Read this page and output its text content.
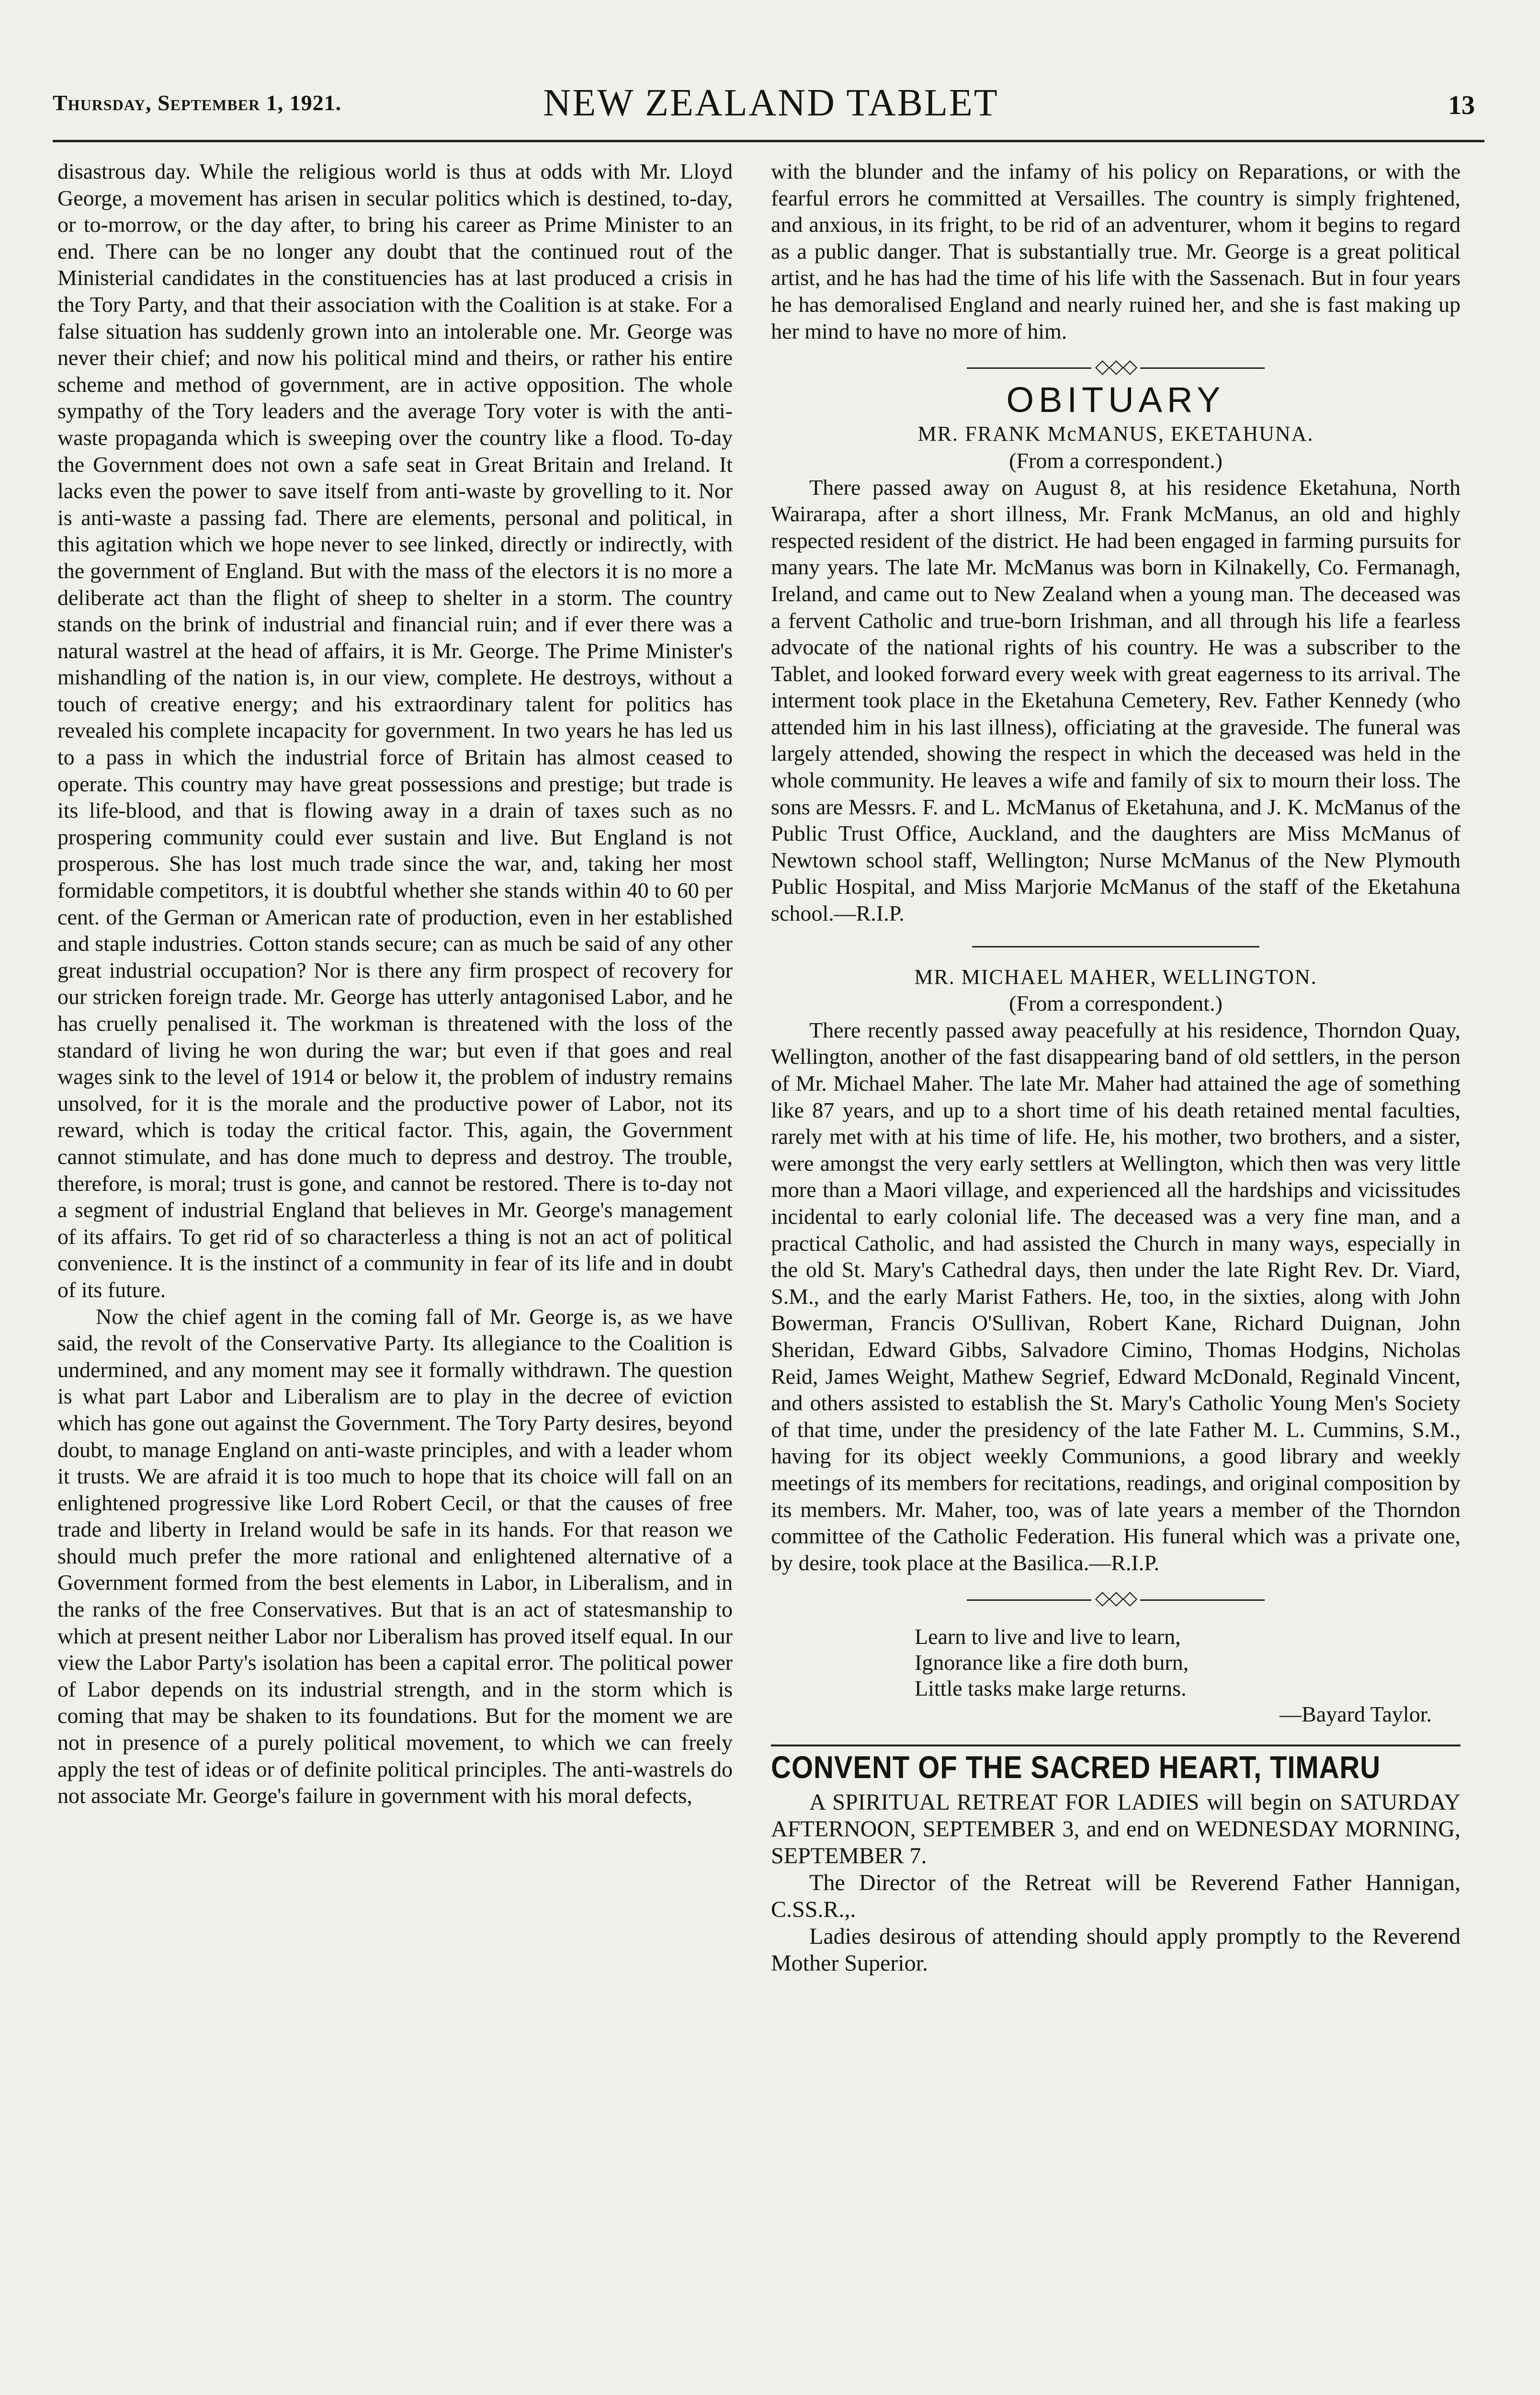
Thursday, September 1, 1921.	NEW ZEALAND TABLET	13

disastrous day. While the religious world is thus at odds with Mr. Lloyd George, a movement has arisen in secular politics which is destined, to-day, or to-morrow, or the day after, to bring his career as Prime Minister to an end. There can be no longer any doubt that the continued rout of the Ministerial candidates in the constituencies has at last produced a crisis in the Tory Party, and that their association with the Coalition is at stake. For a false situation has suddenly grown into an intolerable one. Mr. George was never their chief; and now his political mind and theirs, or rather his entire scheme and method of government, are in active opposition. The whole sympathy of the Tory leaders and the average Tory voter is with the anti-waste propaganda which is sweeping over the country like a flood. To-day the Government does not own a safe seat in Great Britain and Ireland. It lacks even the power to save itself from anti-waste by grovelling to it. Nor is anti-waste a passing fad. There are elements, personal and political, in this agitation which we hope never to see linked, directly or indirectly, with the government of England. But with the mass of the electors it is no more a deliberate act than the flight of sheep to shelter in a storm. The country stands on the brink of industrial and financial ruin; and if ever there was a natural wastrel at the head of affairs, it is Mr. George. The Prime Minister's mishandling of the nation is, in our view, complete. He destroys, without a touch of creative energy; and his extraordinary talent for politics has revealed his complete incapacity for government. In two years he has led us to a pass in which the industrial force of Britain has almost ceased to operate. This country may have great possessions and prestige; but trade is its life-blood, and that is flowing away in a drain of taxes such as no prospering community could ever sustain and live. But England is not prosperous. She has lost much trade since the war, and, taking her most formidable competitors, it is doubtful whether she stands within 40 to 60 per cent. of the German or American rate of production, even in her established and staple industries. Cotton stands secure; can as much be said of any other great industrial occupation? Nor is there any firm prospect of recovery for our stricken foreign trade. Mr. George has utterly antagonised Labor, and he has cruelly penalised it. The workman is threatened with the loss of the standard of living he won during the war; but even if that goes and real wages sink to the level of 1914 or below it, the problem of industry remains unsolved, for it is the morale and the productive power of Labor, not its reward, which is today the critical factor. This, again, the Government cannot stimulate, and has done much to depress and destroy. The trouble, therefore, is moral; trust is gone, and cannot be restored. There is to-day not a segment of industrial England that believes in Mr. George's management of its affairs. To get rid of so characterless a thing is not an act of political convenience. It is the instinct of a community in fear of its life and in doubt of its future.

Now the chief agent in the coming fall of Mr. George is, as we have said, the revolt of the Conservative Party. Its allegiance to the Coalition is undermined, and any moment may see it formally withdrawn. The question is what part Labor and Liberalism are to play in the decree of eviction which has gone out against the Government. The Tory Party desires, beyond doubt, to manage England on anti-waste principles, and with a leader whom it trusts. We are afraid it is too much to hope that its choice will fall on an enlightened progressive like Lord Robert Cecil, or that the causes of free trade and liberty in Ireland would be safe in its hands. For that reason we should much prefer the more rational and enlightened alternative of a Government formed from the best elements in Labor, in Liberalism, and in the ranks of the free Conservatives. But that is an act of statesmanship to which at present neither Labor nor Liberalism has proved itself equal. In our view the Labor Party's isolation has been a capital error. The political power of Labor depends on its industrial strength, and in the storm which is coming that may be shaken to its foundations. But for the moment we are not in presence of a purely political movement, to which we can freely apply the test of ideas or of definite political principles. The anti-wastrels do not associate Mr. George's failure in government with his moral defects,

with the blunder and the infamy of his policy on Reparations, or with the fearful errors he committed at Versailles. The country is simply frightened, and anxious, in its fright, to be rid of an adventurer, whom it begins to regard as a public danger. That is substantially true. Mr. George is a great political artist, and he has had the time of his life with the Sassenach. But in four years he has demoralised England and nearly ruined her, and she is fast making up her mind to have no more of him.

◇◇◇
OBITUARY
MR. FRANK McMANUS, EKETAHUNA.
(From a correspondent.)

There passed away on August 8, at his residence Eketahuna, North Wairarapa, after a short illness, Mr. Frank McManus, an old and highly respected resident of the district. He had been engaged in farming pursuits for many years. The late Mr. McManus was born in Kilnakelly, Co. Fermanagh, Ireland, and came out to New Zealand when a young man. The deceased was a fervent Catholic and true-born Irishman, and all through his life a fearless advocate of the national rights of his country. He was a subscriber to the Tablet, and looked forward every week with great eagerness to its arrival. The interment took place in the Eketahuna Cemetery, Rev. Father Kennedy (who attended him in his last illness), officiating at the graveside. The funeral was largely attended, showing the respect in which the deceased was held in the whole community. He leaves a wife and family of six to mourn their loss. The sons are Messrs. F. and L. McManus of Eketahuna, and J. K. McManus of the Public Trust Office, Auckland, and the daughters are Miss McManus of Newtown school staff, Wellington; Nurse McManus of the New Plymouth Public Hospital, and Miss Marjorie McManus of the staff of the Eketahuna school.—R.I.P.

MR. MICHAEL MAHER, WELLINGTON.
(From a correspondent.)

There recently passed away peacefully at his residence, Thorndon Quay, Wellington, another of the fast disappearing band of old settlers, in the person of Mr. Michael Maher. The late Mr. Maher had attained the age of something like 87 years, and up to a short time of his death retained mental faculties, rarely met with at his time of life. He, his mother, two brothers, and a sister, were amongst the very early settlers at Wellington, which then was very little more than a Maori village, and experienced all the hardships and vicissitudes incidental to early colonial life. The deceased was a very fine man, and a practical Catholic, and had assisted the Church in many ways, especially in the old St. Mary's Cathedral days, then under the late Right Rev. Dr. Viard, S.M., and the early Marist Fathers. He, too, in the sixties, along with John Bowerman, Francis O'Sullivan, Robert Kane, Richard Duignan, John Sheridan, Edward Gibbs, Salvadore Cimino, Thomas Hodgins, Nicholas Reid, James Weight, Mathew Segrief, Edward McDonald, Reginald Vincent, and others assisted to establish the St. Mary's Catholic Young Men's Society of that time, under the presidency of the late Father M. L. Cummins, S.M., having for its object weekly Communions, a good library and weekly meetings of its members for recitations, readings, and original composition by its members. Mr. Maher, too, was of late years a member of the Thorndon committee of the Catholic Federation. His funeral which was a private one, by desire, took place at the Basilica.—R.I.P.

◇◇◇
Learn to live and live to learn,
Ignorance like a fire doth burn,
Little tasks make large returns.
—Bayard Taylor.
CONVENT OF THE SACRED HEART, TIMARU

A SPIRITUAL RETREAT FOR LADIES will begin on SATURDAY AFTERNOON, SEPTEMBER 3, and end on WEDNESDAY MORNING, SEPTEMBER 7.

The Director of the Retreat will be Reverend Father Hannigan, C.SS.R.,.

Ladies desirous of attending should apply promptly to the Reverend Mother Superior.
